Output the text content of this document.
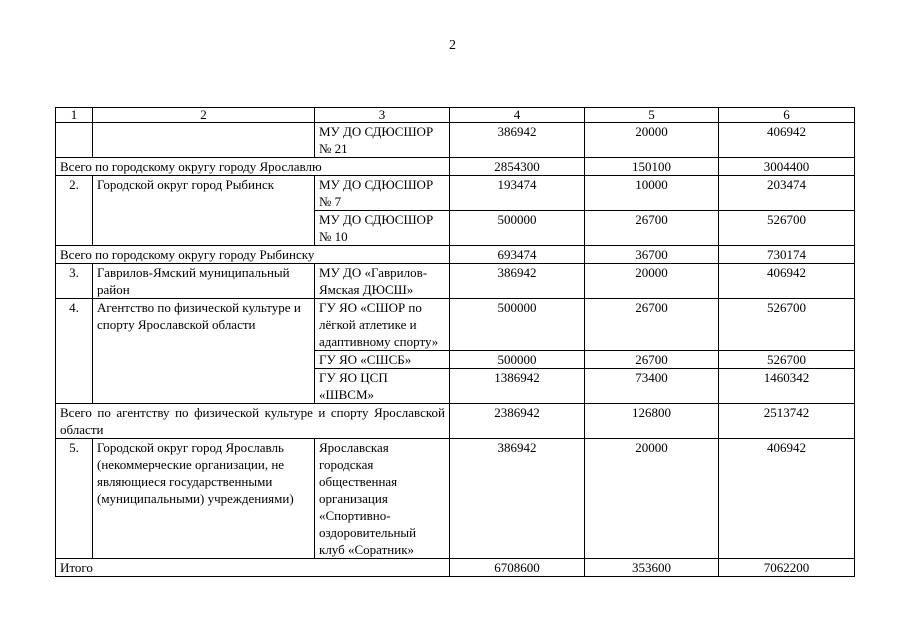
2
1	2	3	4	5	6
		МУ ДО СДЮСШОР № 21	386942	20000	406942
Всего по городскому округу городу Ярославлю			2854300	150100	3004400
2.	Городской округ город Рыбинск	МУ ДО СДЮСШОР № 7	193474	10000	203474
		МУ ДО СДЮСШОР № 10	500000	26700	526700
Всего по городскому округу городу Рыбинску			693474	36700	730174
3.	Гаврилов-Ямский муниципальный район	МУ ДО «Гаврилов-Ямская ДЮСШ»	386942	20000	406942
4.	Агентство по физической культуре и спорту Ярославской области	ГУ ЯО «СШОР по лёгкой атлетике и адаптивному спорту»	500000	26700	526700
		ГУ ЯО «СШСБ»	500000	26700	526700
		ГУ ЯО ЦСП «ШВСМ»	1386942	73400	1460342
Всего по агентству по физической культуре и спорту Ярославской области			2386942	126800	2513742
5.	Городской округ город Ярославль (некоммерческие организации, не являющиеся государственными (муниципальными) учреждениями)	Ярославская городская общественная организация «Спортивно-оздоровительный клуб «Соратник»	386942	20000	406942
Итого			6708600	353600	7062200
